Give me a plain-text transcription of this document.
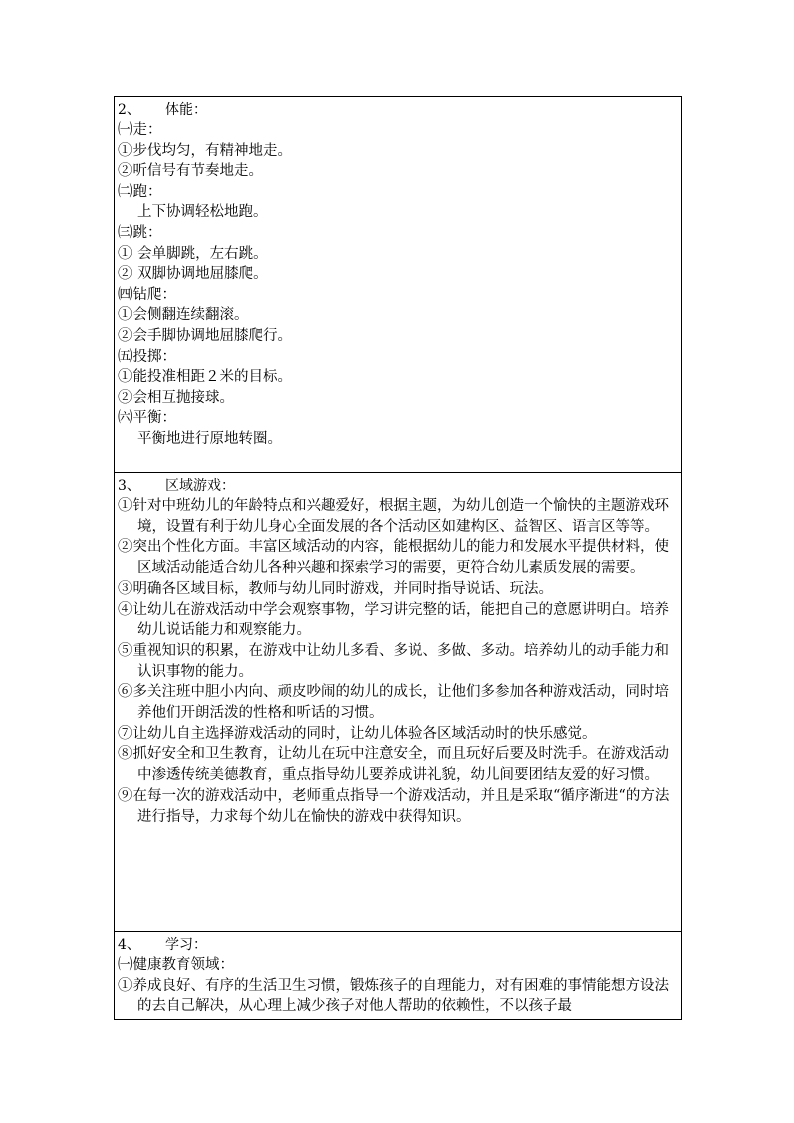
2、 体能：
㈠走：
①步伐均匀，有精神地走。
②听信号有节奏地走。
㈡跑：
上下协调轻松地跑。
㈢跳：
① 会单脚跳，左右跳。
② 双脚协调地屈膝爬。
㈣钻爬：
①会侧翻连续翻滚。
②会手脚协调地屈膝爬行。
㈤投掷：
①能投准相距２米的目标。
②会相互抛接球。
㈥平衡：
平衡地进行原地转圈。
3、 区域游戏：
①针对中班幼儿的年龄特点和兴趣爱好，根据主题，为幼儿创造一个愉快的主题游戏环境，设置有利于幼儿身心全面发展的各个活动区如建构区、益智区、语言区等等。
②突出个性化方面。丰富区域活动的内容，能根据幼儿的能力和发展水平提供材料，使区域活动能适合幼儿各种兴趣和探索学习的需要，更符合幼儿素质发展的需要。
③明确各区域目标，教师与幼儿同时游戏，并同时指导说话、玩法。
④让幼儿在游戏活动中学会观察事物，学习讲完整的话，能把自己的意愿讲明白。培养幼儿说话能力和观察能力。
⑤重视知识的积累，在游戏中让幼儿多看、多说、多做、多动。培养幼儿的动手能力和认识事物的能力。
⑥多关注班中胆小内向、顽皮吵闹的幼儿的成长，让他们多参加各种游戏活动，同时培养他们开朗活泼的性格和听话的习惯。
⑦让幼儿自主选择游戏活动的同时，让幼儿体验各区域活动时的快乐感觉。
⑧抓好安全和卫生教育，让幼儿在玩中注意安全，而且玩好后要及时洗手。在游戏活动中渗透传统美德教育，重点指导幼儿要养成讲礼貌，幼儿间要团结友爱的好习惯。
⑨在每一次的游戏活动中，老师重点指导一个游戏活动，并且是采取“循序渐进“的方法进行指导，力求每个幼儿在愉快的游戏中获得知识。
4、 学习：
㈠健康教育领域：
①养成良好、有序的生活卫生习惯，锻炼孩子的自理能力，对有困难的事情能想方设法的去自己解决，从心理上减少孩子对他人帮助的依赖性，不以孩子最
